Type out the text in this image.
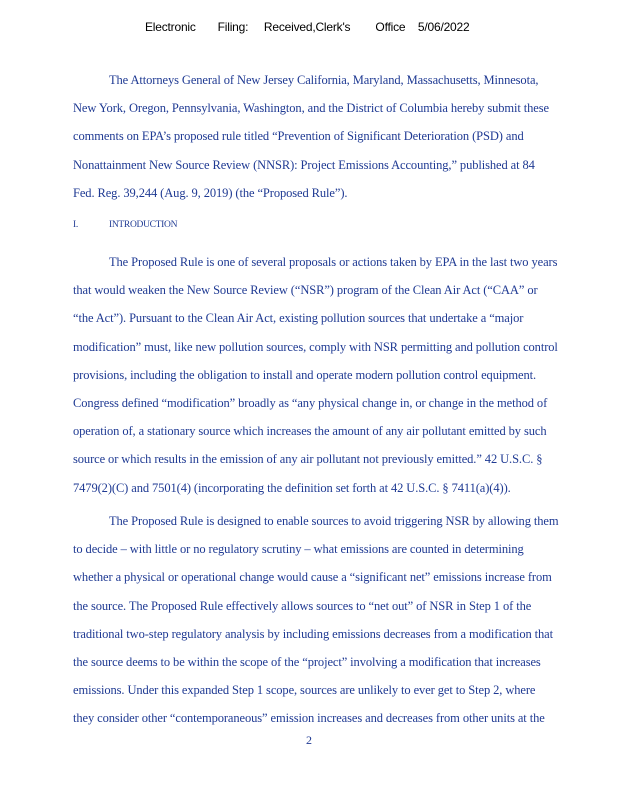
Electronic       Filing:     Received,Clerk's        Office    5/06/2022
The Attorneys General of New Jersey California, Maryland, Massachusetts, Minnesota,
New York, Oregon, Pennsylvania, Washington, and the District of Columbia hereby submit these
comments on EPA’s proposed rule titled “Prevention of Significant Deterioration (PSD) and
Nonattainment New Source Review (NNSR): Project Emissions Accounting,” published at 84
Fed. Reg. 39,244 (Aug. 9, 2019) (the “Proposed Rule”).
I.	INTRODUCTION
The Proposed Rule is one of several proposals or actions taken by EPA in the last two years
that would weaken the New Source Review (“NSR”) program of the Clean Air Act (“CAA” or
“the Act”). Pursuant to the Clean Air Act, existing pollution sources that undertake a “major
modification” must, like new pollution sources, comply with NSR permitting and pollution control
provisions, including the obligation to install and operate modern pollution control equipment.
Congress defined “modification” broadly as “any physical change in, or change in the method of
operation of, a stationary source which increases the amount of any air pollutant emitted by such
source or which results in the emission of any air pollutant not previously emitted.” 42 U.S.C. §
7479(2)(C) and 7501(4) (incorporating the definition set forth at 42 U.S.C. § 7411(a)(4)).
The Proposed Rule is designed to enable sources to avoid triggering NSR by allowing them
to decide – with little or no regulatory scrutiny – what emissions are counted in determining
whether a physical or operational change would cause a “significant net” emissions increase from
the source. The Proposed Rule effectively allows sources to “net out” of NSR in Step 1 of the
traditional two-step regulatory analysis by including emissions decreases from a modification that
the source deems to be within the scope of the “project” involving a modification that increases
emissions. Under this expanded Step 1 scope, sources are unlikely to ever get to Step 2, where
they consider other “contemporaneous” emission increases and decreases from other units at the
2
